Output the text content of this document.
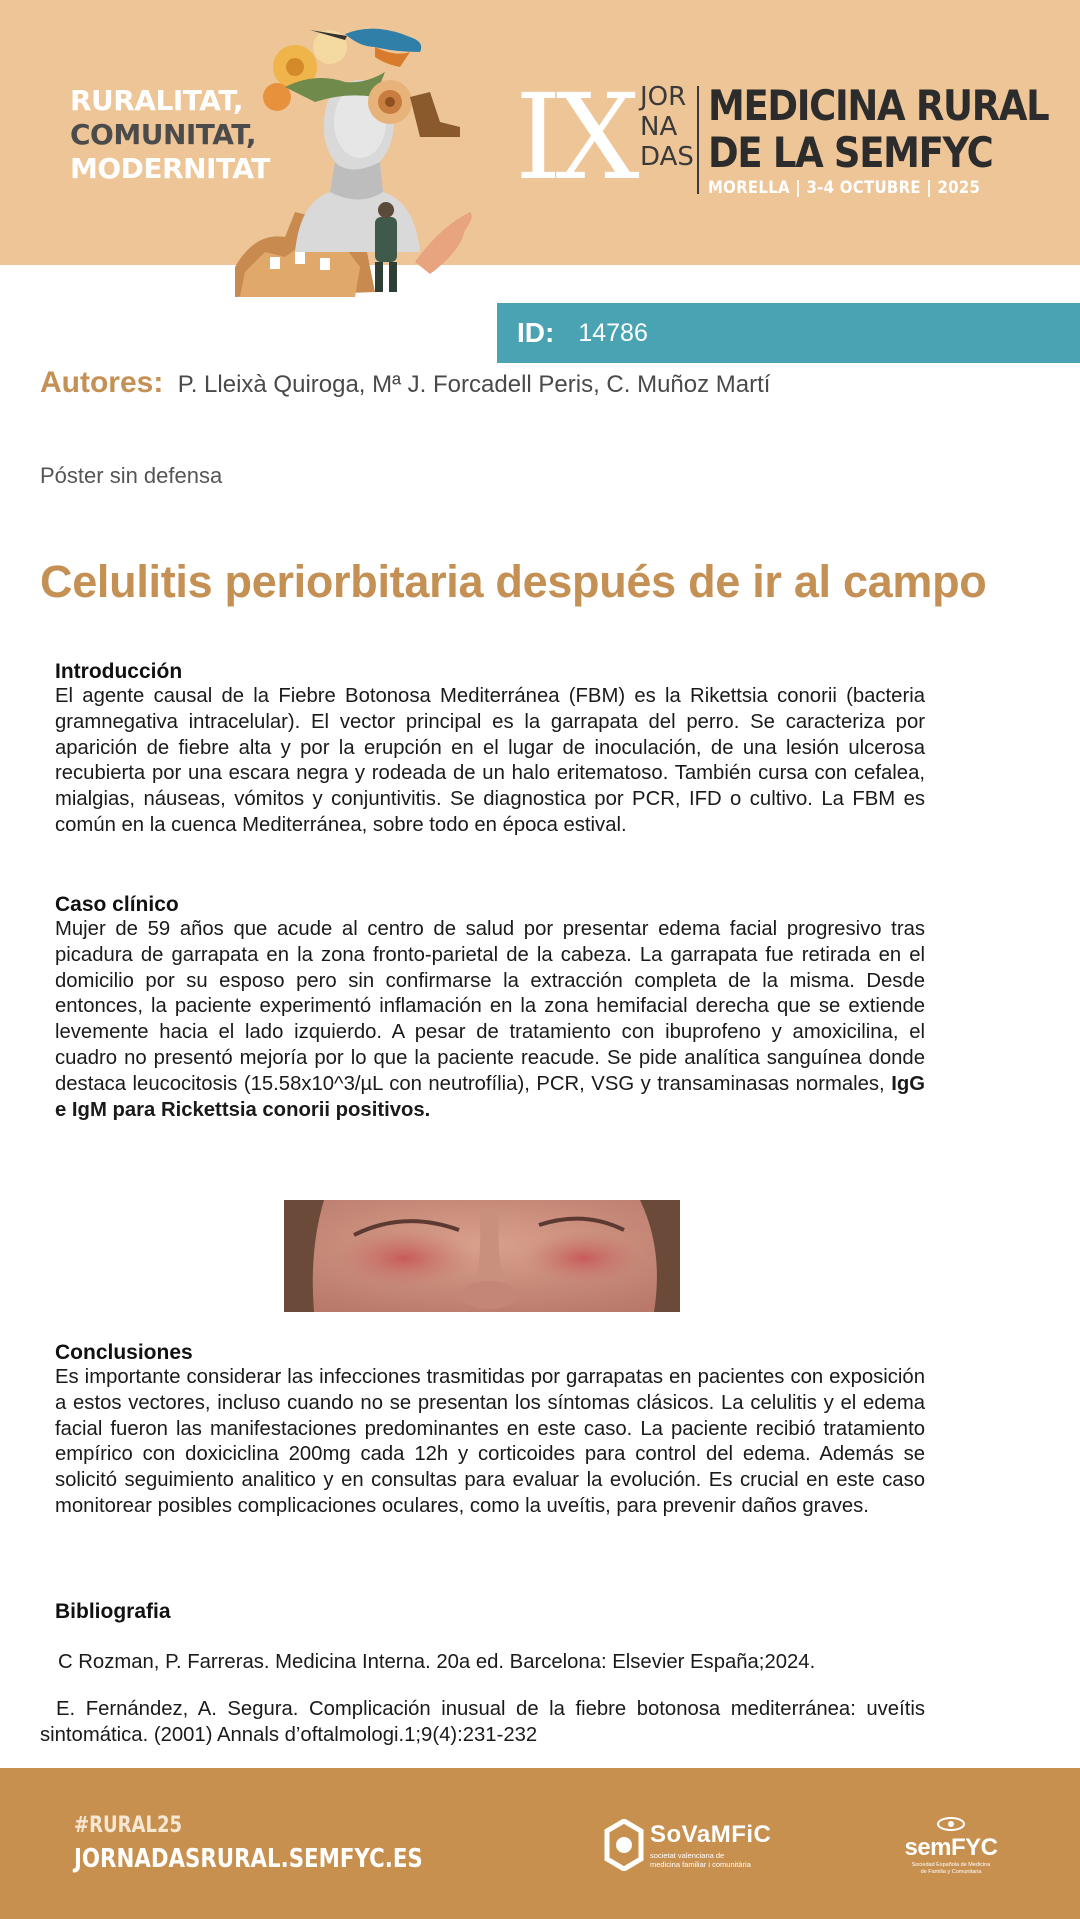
RURALITAT,
COMUNITAT,
MODERNITAT IX JOR
NA
DAS
MEDICINA RURAL
DE LA SEMFYC
MORELLA | 3-4 OCTUBRE | 2025
ID: 14786
Autores: P. Lleixà Quiroga, Mª J. Forcadell Peris, C. Muñoz Martí
Póster sin defensa
Celulitis periorbitaria después de ir al campo
Introducción

El agente causal de la Fiebre Botonosa Mediterránea (FBM) es la Rikettsia conorii (bacteria gramnegativa intracelular). El vector principal es la garrapata del perro. Se caracteriza por aparición de fiebre alta y por la erupción en el lugar de inoculación, de una lesión ulcerosa recubierta por una escara negra y rodeada de un halo eritematoso. También cursa con cefalea, mialgias, náuseas, vómitos y conjuntivitis. Se diagnostica por PCR, IFD o cultivo. La FBM es común en la cuenca Mediterránea, sobre todo en época estival.

Caso clínico

Mujer de 59 años que acude al centro de salud por presentar edema facial progresivo tras picadura de garrapata en la zona fronto-parietal de la cabeza. La garrapata fue retirada en el domicilio por su esposo pero sin confirmarse la extracción completa de la misma. Desde entonces, la paciente experimentó inflamación en la zona hemifacial derecha que se extiende levemente hacia el lado izquierdo. A pesar de tratamiento con ibuprofeno y amoxicilina, el cuadro no presentó mejoría por lo que la paciente reacude. Se pide analítica sanguínea donde destaca leucocitosis (15.58x10^3/µL con neutrofília), PCR, VSG y transaminasas normales, IgG e IgM para Rickettsia conorii positivos.

Conclusiones

Es importante considerar las infecciones trasmitidas por garrapatas en pacientes con exposición a estos vectores, incluso cuando no se presentan los síntomas clásicos. La celulitis y el edema facial fueron las manifestaciones predominantes en este caso. La paciente recibió tratamiento empírico con doxiciclina 200mg cada 12h y corticoides para control del edema. Además se solicitó seguimiento analitico y en consultas para evaluar la evolución. Es crucial en este caso monitorear posibles complicaciones oculares, como la uveítis, para prevenir daños graves.

Bibliografia
C Rozman, P. Farreras. Medicina Interna. 20a ed. Barcelona: Elsevier España;2024.
E. Fernández, A. Segura. Complicación inusual de la fiebre botonosa mediterránea: uveítis sintomática. (2001) Annals d’oftalmologi.1;9(4):231-232
#RURAL25
JORNADASRURAL.SEMFYC.ES
SoVaMFiC
societat valenciana de
medicina familiar i comunitària
semFYC
Sociedad Española de Medicina
de Familia y Comunitaria
